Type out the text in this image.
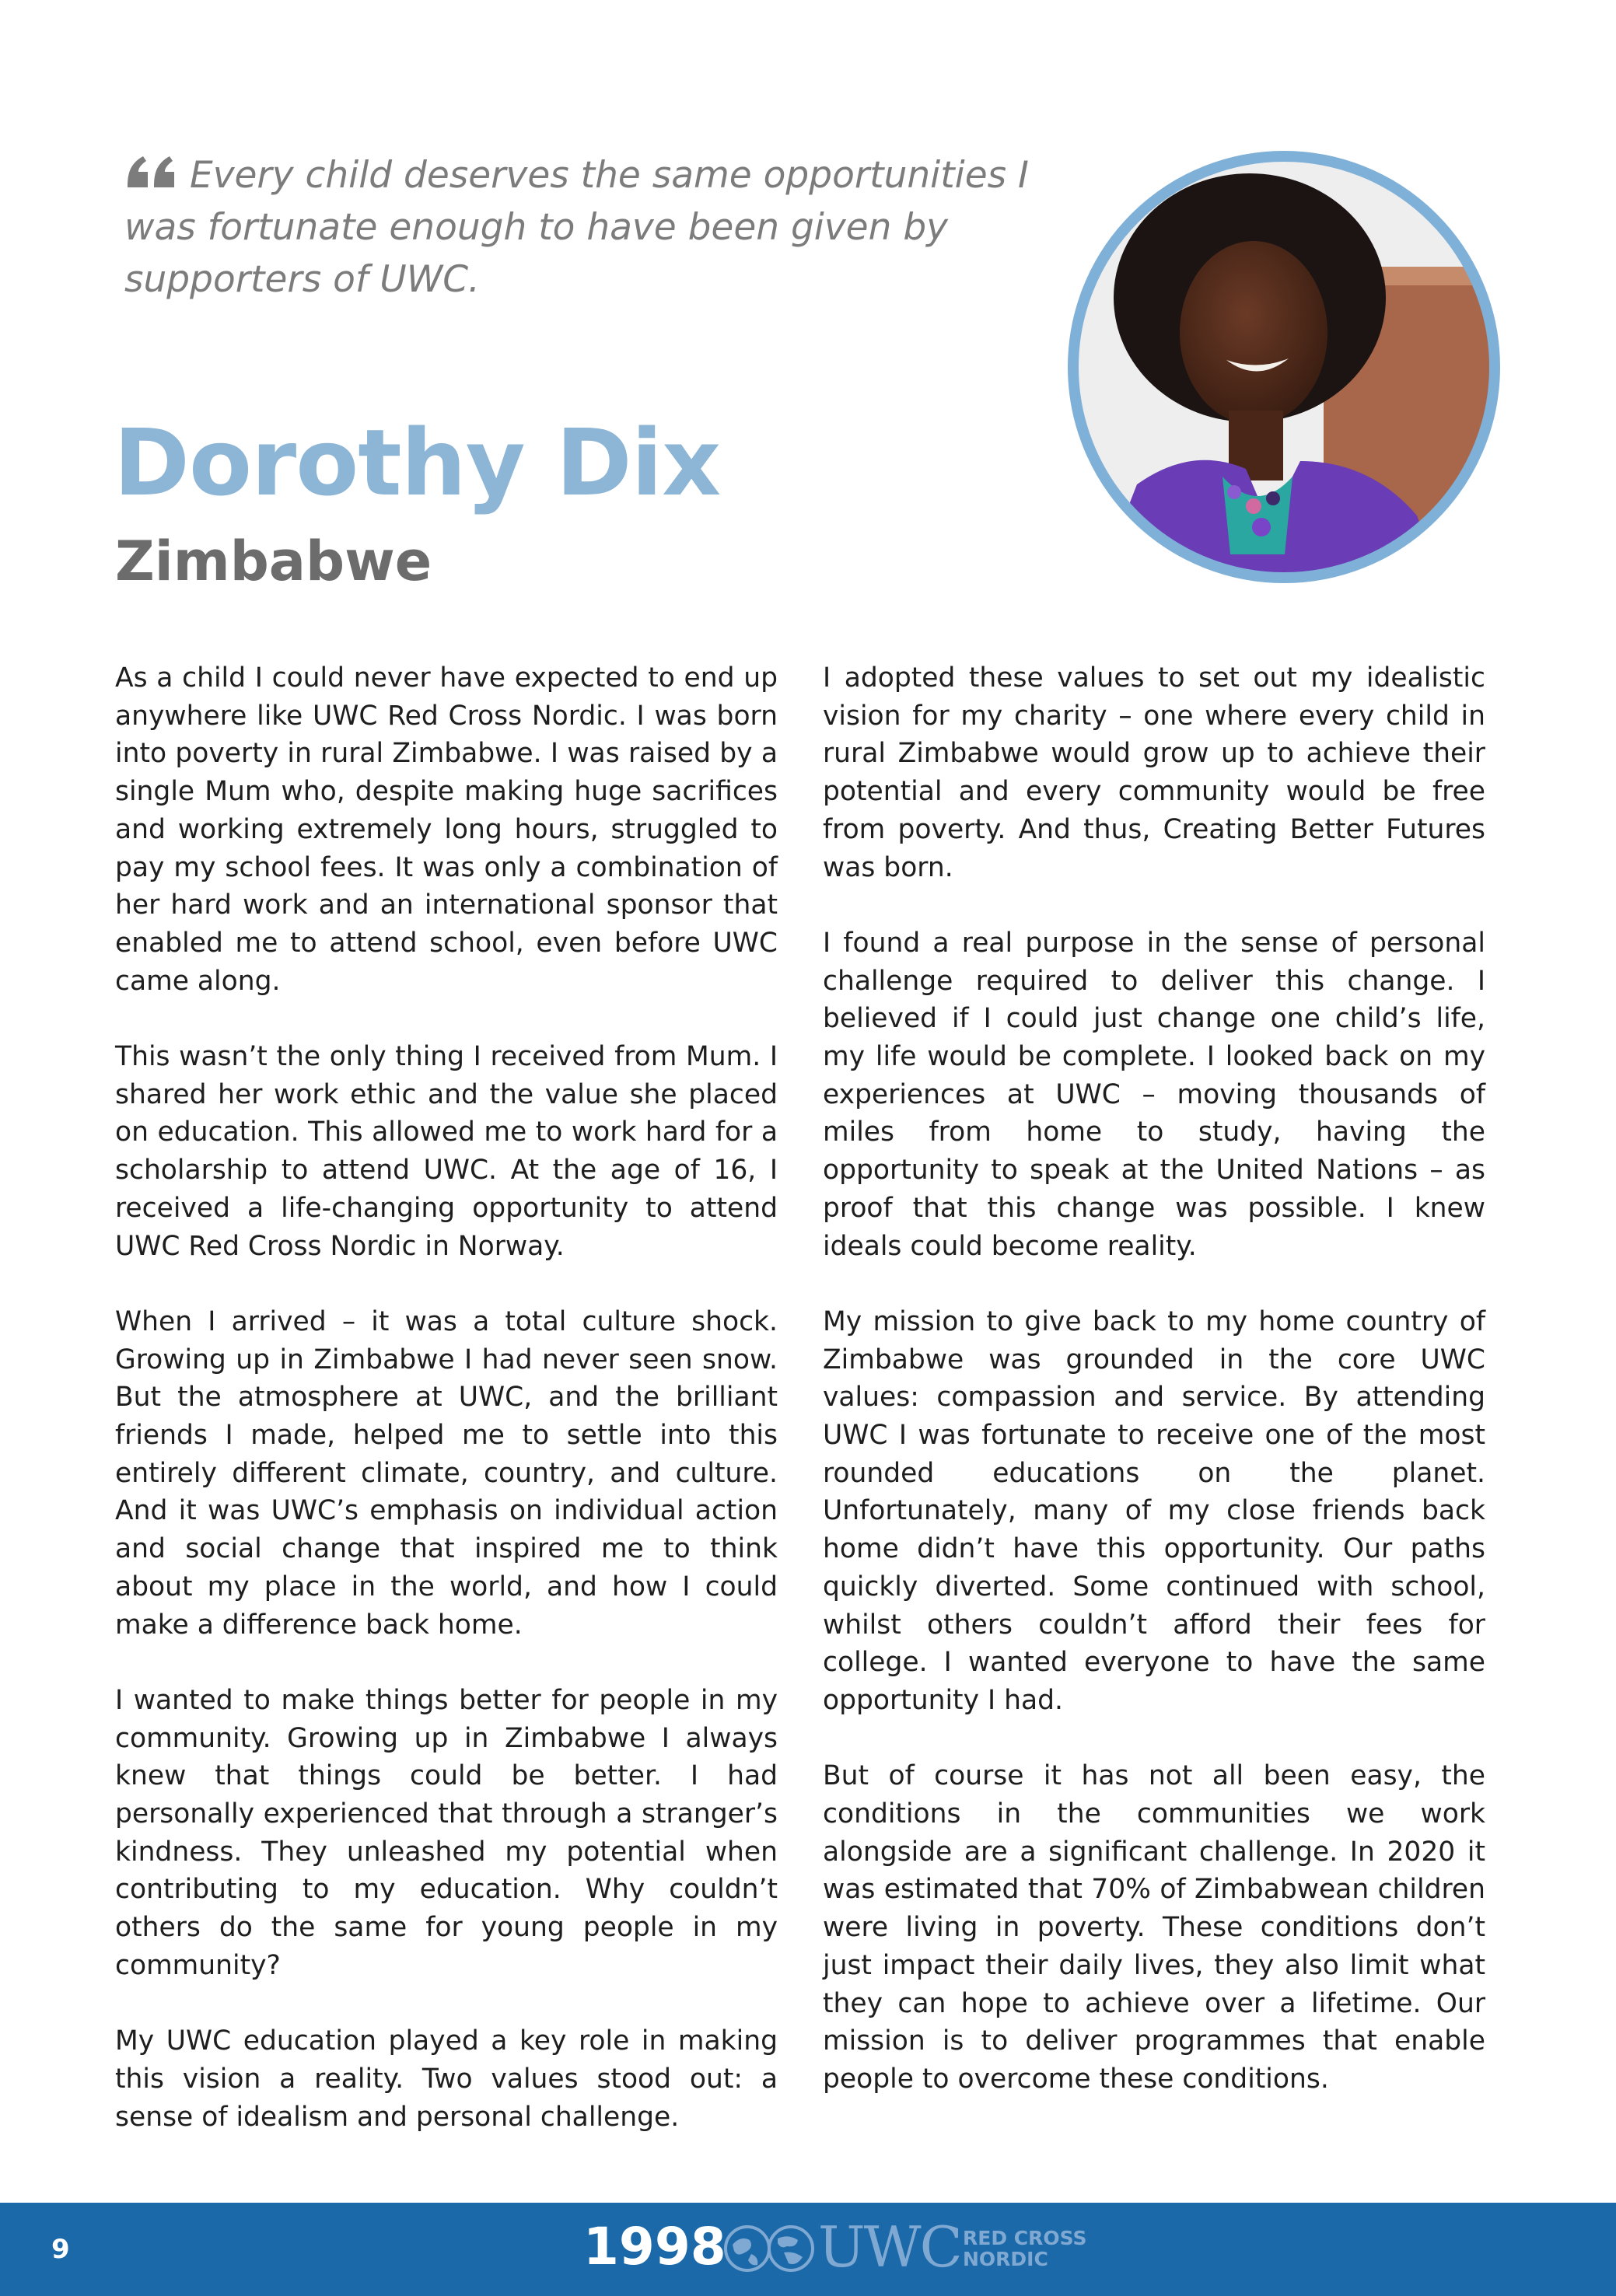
Every child deserves the same opportunities I was fortunate enough to have been given by supporters of UWC.

Dorothy Dix
Zimbabwe

As a child I could never have expected to end up anywhere like UWC Red Cross Nordic. I was born into poverty in rural Zimbabwe. I was raised by a single Mum who, despite making huge sacrifices and working extremely long hours, struggled to pay my school fees. It was only a combination of her hard work and an international sponsor that enabled me to attend school, even before UWC came along.

This wasn’t the only thing I received from Mum. I shared her work ethic and the value she placed on education. This allowed me to work hard for a scholarship to attend UWC. At the age of 16, I received a life-changing opportunity to attend UWC Red Cross Nordic in Norway.

When I arrived – it was a total culture shock. Growing up in Zimbabwe I had never seen snow. But the atmosphere at UWC, and the brilliant friends I made, helped me to settle into this entirely different climate, country, and culture. And it was UWC’s emphasis on individual action and social change that inspired me to think about my place in the world, and how I could make a difference back home.

I wanted to make things better for people in my community. Growing up in Zimbabwe I always knew that things could be better. I had personally experienced that through a stranger’s kindness. They unleashed my potential when contributing to my education. Why couldn’t others do the same for young people in my community?

My UWC education played a key role in making this vision a reality. Two values stood out: a sense of idealism and personal challenge.

I adopted these values to set out my idealistic vision for my charity – one where every child in rural Zimbabwe would grow up to achieve their potential and every community would be free from poverty. And thus, Creating Better Futures was born.

I found a real purpose in the sense of personal challenge required to deliver this change. I believed if I could just change one child’s life, my life would be complete. I looked back on my experiences at UWC – moving thousands of miles from home to study, having the opportunity to speak at the United Nations – as proof that this change was possible. I knew ideals could become reality.

My mission to give back to my home country of Zimbabwe was grounded in the core UWC values: compassion and service. By attending UWC I was fortunate to receive one of the most rounded educations on the planet. Unfortunately, many of my close friends back home didn’t have this opportunity. Our paths quickly diverted. Some continued with school, whilst others couldn’t afford their fees for college. I wanted everyone to have the same opportunity I had.

But of course it has not all been easy, the conditions in the communities we work alongside are a significant challenge. In 2020 it was estimated that 70% of Zimbabwean children were living in poverty. These conditions don’t just impact their daily lives, they also limit what they can hope to achieve over a lifetime. Our mission is to deliver programmes that enable people to overcome these conditions.

9	1998 UWC RED CROSS
NORDIC
